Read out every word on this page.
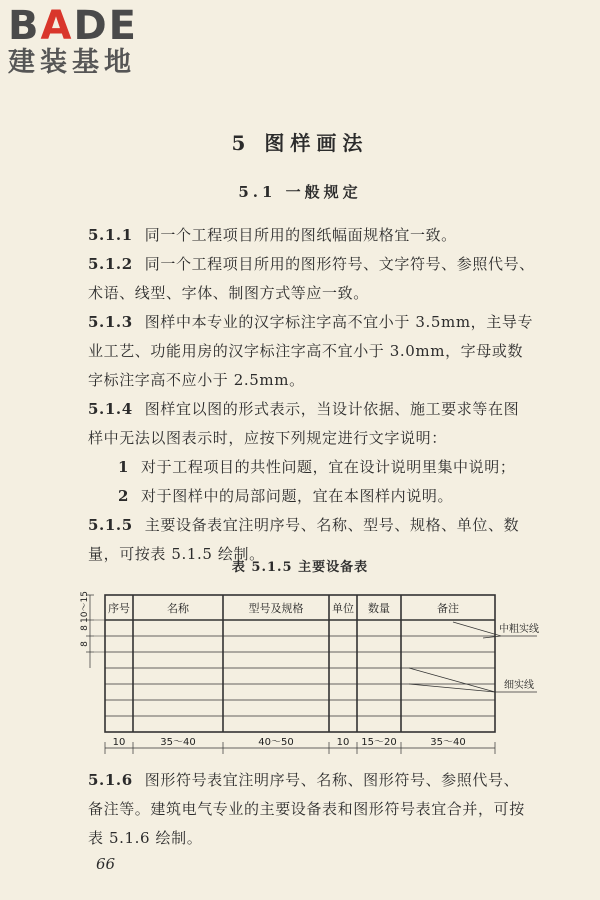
BADE
建装基地
5 图样画法
5.1 一般规定
5.1.1 同一个工程项目所用的图纸幅面规格宜一致。
5.1.2 同一个工程项目所用的图形符号、文字符号、参照代号、
术语、线型、字体、制图方式等应一致。
5.1.3 图样中本专业的汉字标注字高不宜小于 3.5mm，主导专
业工艺、功能用房的汉字标注字高不宜小于 3.0mm，字母或数
字标注字高不应小于 2.5mm。
5.1.4 图样宜以图的形式表示，当设计依据、施工要求等在图
样中无法以图表示时，应按下列规定进行文字说明：
1 对于工程项目的共性问题，宜在设计说明里集中说明；
2 对于图样中的局部问题，宜在本图样内说明。
5.1.5 主要设备表宜注明序号、名称、型号、规格、单位、数
量，可按表 5.1.5 绘制。
表 5.1.5 主要设备表
序号	名称	型号及规格	单位 数量	备注
10	35～40	40～50	10 15～20	35～40
10～15
8
8
中粗实线
细实线
5.1.6 图形符号表宜注明序号、名称、图形符号、参照代号、
备注等。建筑电气专业的主要设备表和图形符号表宜合并，可按
表 5.1.6 绘制。
66
